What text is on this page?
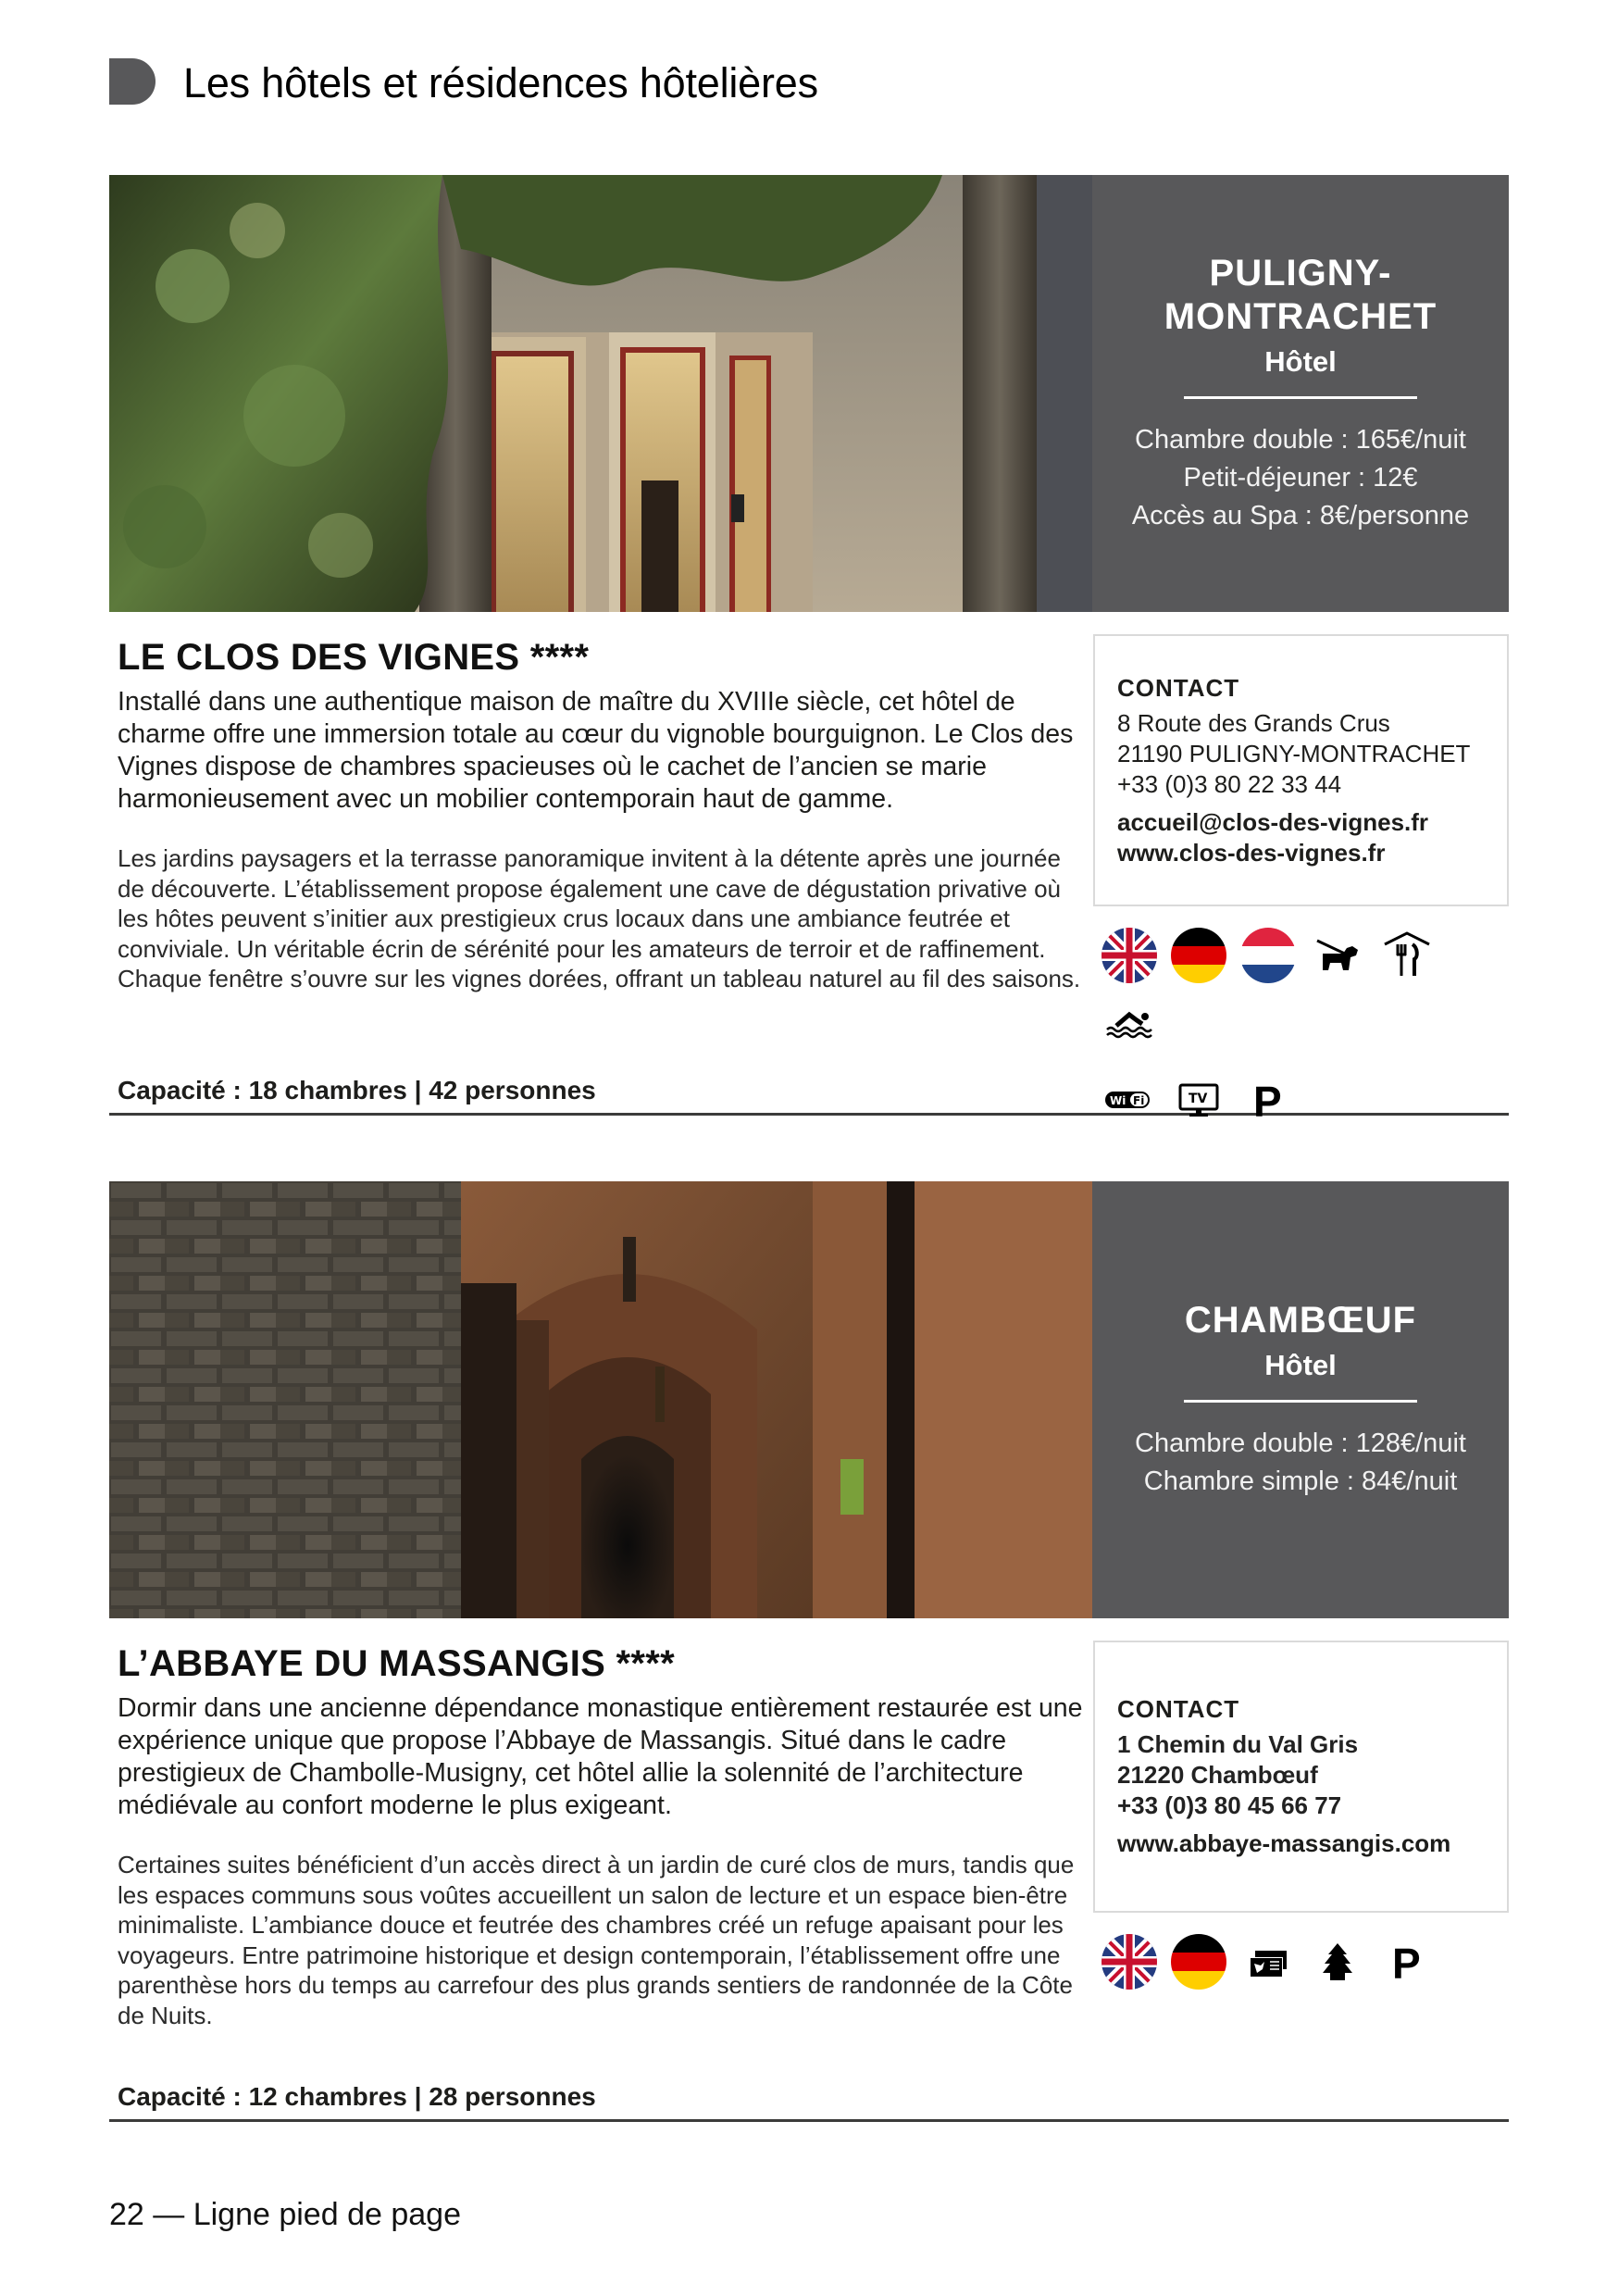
Les hôtels et résidences hôtelières
PULIGNY-MONTRACHET
Hôtel
Chambre double : 165€/nuit
Petit-déjeuner : 12€
Accès au Spa : 8€/personne
LE CLOS DES VIGNES ****

Installé dans une authentique maison de maître du XVIIIe siècle, cet hôtel de charme offre une immersion totale au cœur du vignoble bourguignon. Le Clos des Vignes dispose de chambres spacieuses où le cachet de l’ancien se marie harmonieusement avec un mobilier contemporain haut de gamme.

Les jardins paysagers et la terrasse panoramique invitent à la détente après une journée de découverte. L’établissement propose également une cave de dégustation privative où les hôtes peuvent s’initier aux prestigieux crus locaux dans une ambiance feutrée et conviviale. Un véritable écrin de sérénité pour les amateurs de terroir et de raffinement. Chaque fenêtre s’ouvre sur les vignes dorées, offrant un tableau naturel au fil des saisons.

Capacité : 18 chambres | 42 personnes
CONTACT
8 Route des Grands Crus
21190 PULIGNY-MONTRACHET
+33 (0)3 80 22 33 44
accueil@clos-des-vignes.fr
www.clos-des-vignes.fr
Wi Fi	TV P
CHAMBŒUF
Hôtel
Chambre double : 128€/nuit
Chambre simple : 84€/nuit
L’ABBAYE DU MASSANGIS ****

Dormir dans une ancienne dépendance monastique entièrement restaurée est une expérience unique que propose l’Abbaye de Massangis. Situé dans le cadre prestigieux de Chambolle-Musigny, cet hôtel allie la solennité de l’architecture médiévale au confort moderne le plus exigeant.

Certaines suites bénéficient d’un accès direct à un jardin de curé clos de murs, tandis que les espaces communs sous voûtes accueillent un salon de lecture et un espace bien-être minimaliste. L’ambiance douce et feutrée des chambres créé un refuge apaisant pour les voyageurs. Entre patrimoine historique et design contemporain, l’établissement offre une parenthèse hors du temps au carrefour des plus grands sentiers de randonnée de la Côte de Nuits.

Capacité : 12 chambres | 28 personnes
CONTACT
1 Chemin du Val Gris
21220 Chambœuf
+33 (0)3 80 45 66 77
www.abbaye-massangis.com
P
22 — Ligne pied de page
